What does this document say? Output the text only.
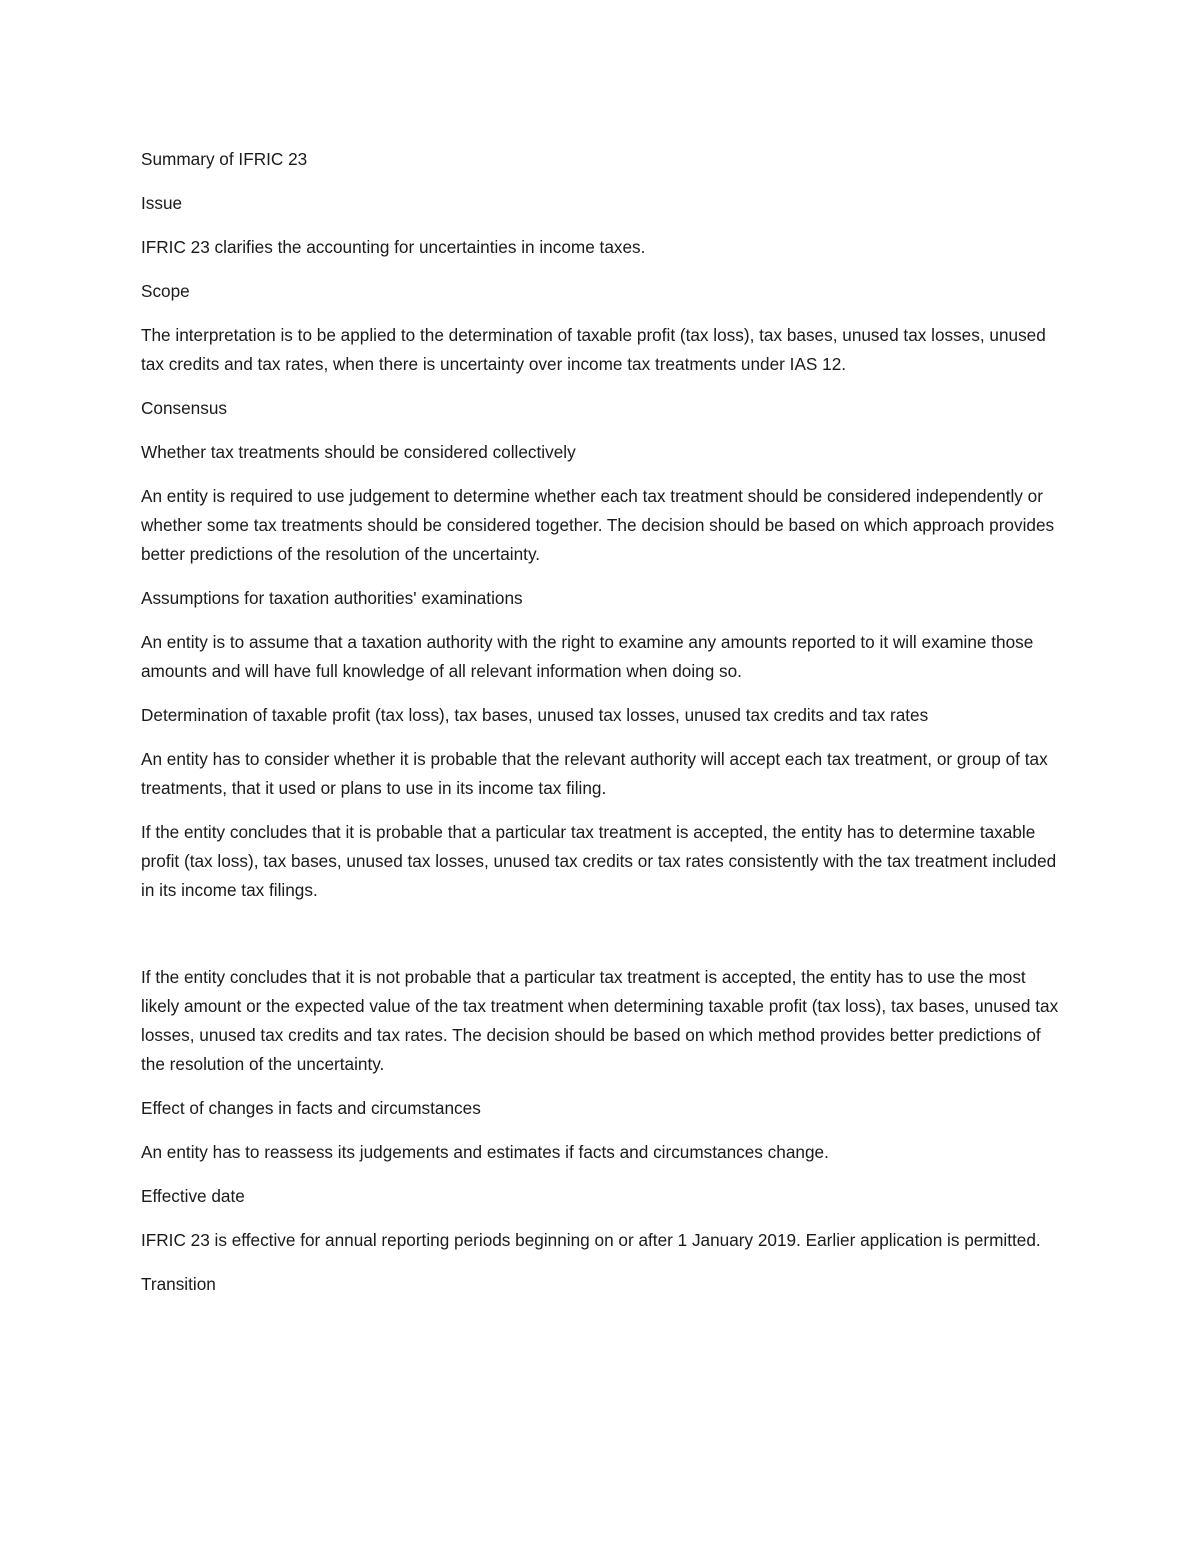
Summary of IFRIC 23

Issue

IFRIC 23 clarifies the accounting for uncertainties in income taxes.

Scope

The interpretation is to be applied to the determination of taxable profit (tax loss), tax bases, unused tax losses, unused tax credits and tax rates, when there is uncertainty over income tax treatments under IAS 12.

Consensus

Whether tax treatments should be considered collectively

An entity is required to use judgement to determine whether each tax treatment should be considered independently or whether some tax treatments should be considered together. The decision should be based on which approach provides better predictions of the resolution of the uncertainty.

Assumptions for taxation authorities' examinations

An entity is to assume that a taxation authority with the right to examine any amounts reported to it will examine those amounts and will have full knowledge of all relevant information when doing so.

Determination of taxable profit (tax loss), tax bases, unused tax losses, unused tax credits and tax rates

An entity has to consider whether it is probable that the relevant authority will accept each tax treatment, or group of tax treatments, that it used or plans to use in its income tax filing.

If the entity concludes that it is probable that a particular tax treatment is accepted, the entity has to determine taxable profit (tax loss), tax bases, unused tax losses, unused tax credits or tax rates consistently with the tax treatment included in its income tax filings.

If the entity concludes that it is not probable that a particular tax treatment is accepted, the entity has to use the most likely amount or the expected value of the tax treatment when determining taxable profit (tax loss), tax bases, unused tax losses, unused tax credits and tax rates. The decision should be based on which method provides better predictions of the resolution of the uncertainty.

Effect of changes in facts and circumstances

An entity has to reassess its judgements and estimates if facts and circumstances change.

Effective date

IFRIC 23 is effective for annual reporting periods beginning on or after 1 January 2019. Earlier application is permitted.

Transition
